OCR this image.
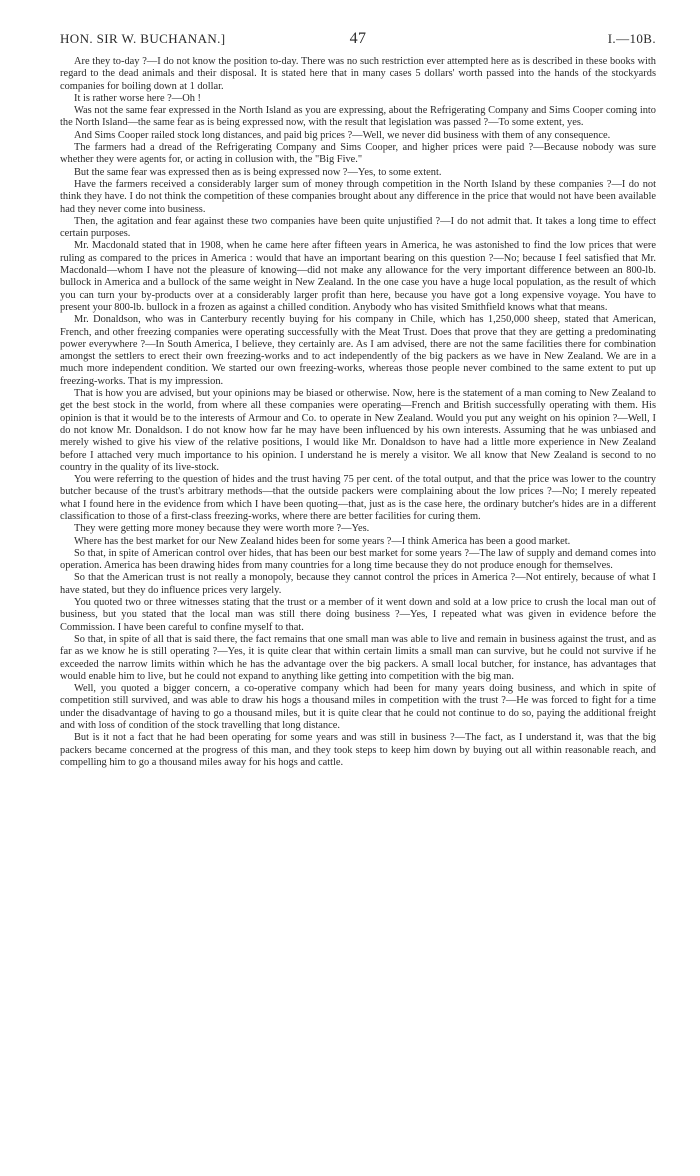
HON. SIR W. BUCHANAN.]	47	I.—10B.

Are they to-day ?—I do not know the position to-day. There was no such restriction ever attempted here as is described in these books with regard to the dead animals and their disposal. It is stated here that in many cases 5 dollars' worth passed into the hands of the stockyards companies for boiling down at 1 dollar.

It is rather worse here ?—Oh !

Was not the same fear expressed in the North Island as you are expressing, about the Refrigerating Company and Sims Cooper coming into the North Island—the same fear as is being expressed now, with the result that legislation was passed ?—To some extent, yes.

And Sims Cooper railed stock long distances, and paid big prices ?—Well, we never did business with them of any consequence.

The farmers had a dread of the Refrigerating Company and Sims Cooper, and higher prices were paid ?—Because nobody was sure whether they were agents for, or acting in collusion with, the "Big Five."

But the same fear was expressed then as is being expressed now ?—Yes, to some extent.

Have the farmers received a considerably larger sum of money through competition in the North Island by these companies ?—I do not think they have. I do not think the competition of these companies brought about any difference in the price that would not have been available had they never come into business.

Then, the agitation and fear against these two companies have been quite unjustified ?—I do not admit that. It takes a long time to effect certain purposes.

Mr. Macdonald stated that in 1908, when he came here after fifteen years in America, he was astonished to find the low prices that were ruling as compared to the prices in America : would that have an important bearing on this question ?—No; because I feel satisfied that Mr. Macdonald—whom I have not the pleasure of knowing—did not make any allowance for the very important difference between an 800-lb. bullock in America and a bullock of the same weight in New Zealand. In the one case you have a huge local population, as the result of which you can turn your by-products over at a considerably larger profit than here, because you have got a long expensive voyage. You have to present your 800-lb. bullock in a frozen as against a chilled condition. Anybody who has visited Smithfield knows what that means.

Mr. Donaldson, who was in Canterbury recently buying for his company in Chile, which has 1,250,000 sheep, stated that American, French, and other freezing companies were operating successfully with the Meat Trust. Does that prove that they are getting a predominating power everywhere ?—In South America, I believe, they certainly are. As I am advised, there are not the same facilities there for combination amongst the settlers to erect their own freezing-works and to act independently of the big packers as we have in New Zealand. We are in a much more independent condition. We started our own freezing-works, whereas those people never combined to the same extent to put up freezing-works. That is my impression.

That is how you are advised, but your opinions may be biased or otherwise. Now, here is the statement of a man coming to New Zealand to get the best stock in the world, from where all these companies were operating—French and British successfully operating with them. His opinion is that it would be to the interests of Armour and Co. to operate in New Zealand. Would you put any weight on his opinion ?—Well, I do not know Mr. Donaldson. I do not know how far he may have been influenced by his own interests. Assuming that he was unbiased and merely wished to give his view of the relative positions, I would like Mr. Donaldson to have had a little more experience in New Zealand before I attached very much importance to his opinion. I understand he is merely a visitor. We all know that New Zealand is second to no country in the quality of its live-stock.

You were referring to the question of hides and the trust having 75 per cent. of the total output, and that the price was lower to the country butcher because of the trust's arbitrary methods—that the outside packers were complaining about the low prices ?—No; I merely repeated what I found here in the evidence from which I have been quoting—that, just as is the case here, the ordinary butcher's hides are in a different classification to those of a first-class freezing-works, where there are better facilities for curing them.

They were getting more money because they were worth more ?—Yes.

Where has the best market for our New Zealand hides been for some years ?—I think America has been a good market.

So that, in spite of American control over hides, that has been our best market for some years ?—The law of supply and demand comes into operation. America has been drawing hides from many countries for a long time because they do not produce enough for themselves.

So that the American trust is not really a monopoly, because they cannot control the prices in America ?—Not entirely, because of what I have stated, but they do influence prices very largely.

You quoted two or three witnesses stating that the trust or a member of it went down and sold at a low price to crush the local man out of business, but you stated that the local man was still there doing business ?—Yes, I repeated what was given in evidence before the Commission. I have been careful to confine myself to that.

So that, in spite of all that is said there, the fact remains that one small man was able to live and remain in business against the trust, and as far as we know he is still operating ?—Yes, it is quite clear that within certain limits a small man can survive, but he could not survive if he exceeded the narrow limits within which he has the advantage over the big packers. A small local butcher, for instance, has advantages that would enable him to live, but he could not expand to anything like getting into competition with the big man.

Well, you quoted a bigger concern, a co-operative company which had been for many years doing business, and which in spite of competition still survived, and was able to draw his hogs a thousand miles in competition with the trust ?—He was forced to fight for a time under the disadvantage of having to go a thousand miles, but it is quite clear that he could not continue to do so, paying the additional freight and with loss of condition of the stock travelling that long distance.

But is it not a fact that he had been operating for some years and was still in business ?—The fact, as I understand it, was that the big packers became concerned at the progress of this man, and they took steps to keep him down by buying out all within reasonable reach, and compelling him to go a thousand miles away for his hogs and cattle.
